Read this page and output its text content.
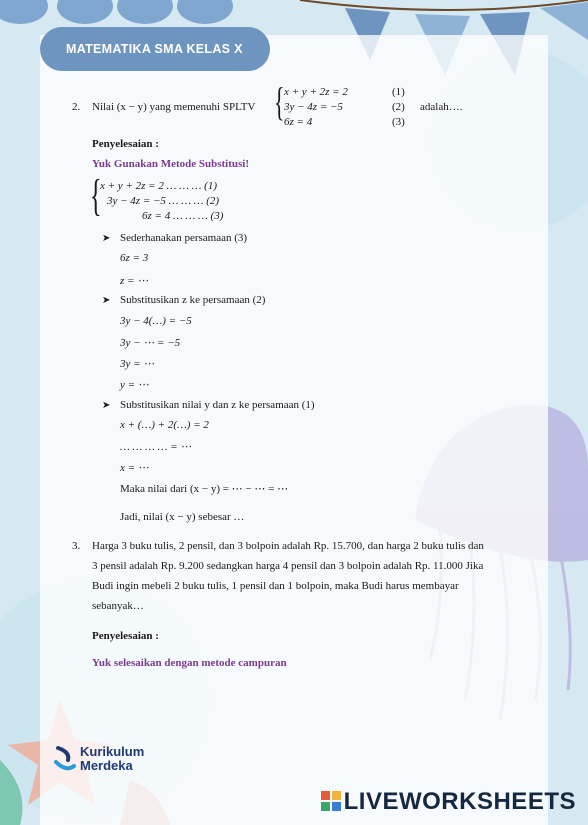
MATEMATIKA SMA KELAS X
2. Nilai (x − y) yang memenuhi SPLTV { x + y + 2z = 2
3y − 4z = −5
6z = 4
(1)
(2)
(3)
adalah….
Penyelesaian :
Yuk Gunakan Metode Substitusi!
{
x + y + 2z = 2 … … … (1)
3y − 4z = −5 … … … (2)
6z = 4 … … … (3)
➤ Sederhanakan persamaan (3)
6z = 3
z = ⋯
➤ Substitusikan z ke persamaan (2)
3y − 4(…) = −5
3y − ⋯ = −5
3y = ⋯
y = ⋯
➤ Substitusikan nilai y dan z ke persamaan (1)
x + (…) + 2(…) = 2
… … … … = ⋯
x = ⋯
Maka nilai dari (x − y) = ⋯ − ⋯ = ⋯
Jadi, nilai (x − y) sebesar …
3. Harga 3 buku tulis, 2 pensil, dan 3 bolpoin adalah Rp. 15.700, dan harga 2 buku tulis dan
3 pensil adalah Rp. 9.200 sedangkan harga 4 pensil dan 3 bolpoin adalah Rp. 11.000 Jika
Budi ingin mebeli 2 buku tulis, 1 pensil dan 1 bolpoin, maka Budi harus membayar
sebanyak…
Penyelesaian :
Yuk selesaikan dengan metode campuran
Kurikulum
Merdeka
LIVEWORKSHEETS
